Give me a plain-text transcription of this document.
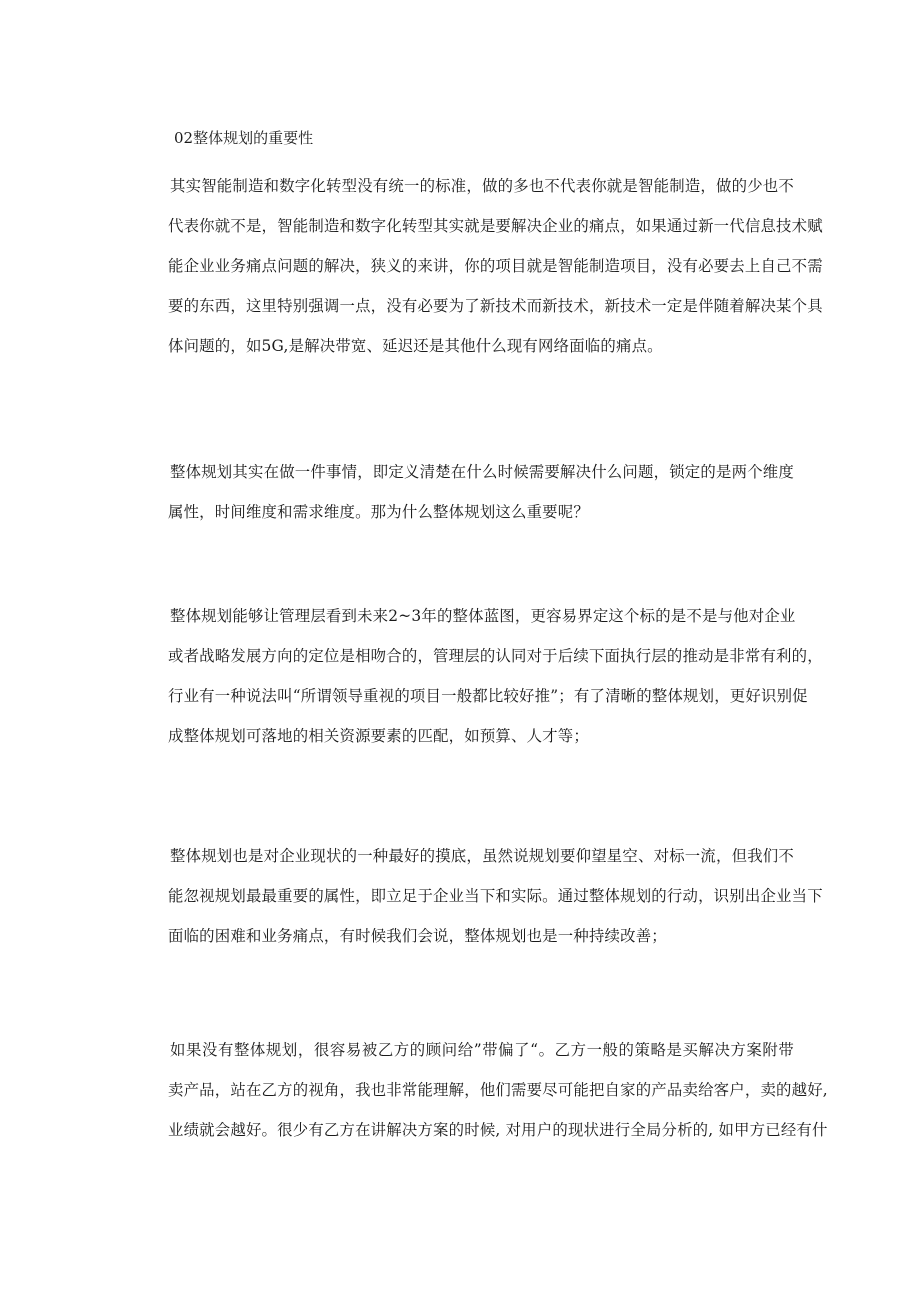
02整体规划的重要性
其实智能制造和数字化转型没有统一的标准，做的多也不代表你就是智能制造，做的少也不
代表你就不是，智能制造和数字化转型其实就是要解决企业的痛点，如果通过新一代信息技术赋
能企业业务痛点问题的解决，狭义的来讲，你的项目就是智能制造项目，没有必要去上自己不需
要的东西，这里特别强调一点，没有必要为了新技术而新技术，新技术一定是伴随着解决某个具
体问题的，如5G,是解决带宽、延迟还是其他什么现有网络面临的痛点。
整体规划其实在做一件事情，即定义清楚在什么时候需要解决什么问题，锁定的是两个维度
属性，时间维度和需求维度。那为什么整体规划这么重要呢？
整体规划能够让管理层看到未来2~3年的整体蓝图，更容易界定这个标的是不是与他对企业
或者战略发展方向的定位是相吻合的，管理层的认同对于后续下面执行层的推动是非常有利的，
行业有一种说法叫“所谓领导重视的项目一般都比较好推”；有了清晰的整体规划，更好识别促
成整体规划可落地的相关资源要素的匹配，如预算、人才等；
整体规划也是对企业现状的一种最好的摸底，虽然说规划要仰望星空、对标一流，但我们不
能忽视规划最最重要的属性，即立足于企业当下和实际。通过整体规划的行动，识别出企业当下
面临的困难和业务痛点，有时候我们会说，整体规划也是一种持续改善；
如果没有整体规划，很容易被乙方的顾问给”带偏了“。乙方一般的策略是买解决方案附带
卖产品，站在乙方的视角，我也非常能理解，他们需要尽可能把自家的产品卖给客户，卖的越好,
业绩就会越好。很少有乙方在讲解决方案的时候, 对用户的现状进行全局分析的, 如甲方已经有什
